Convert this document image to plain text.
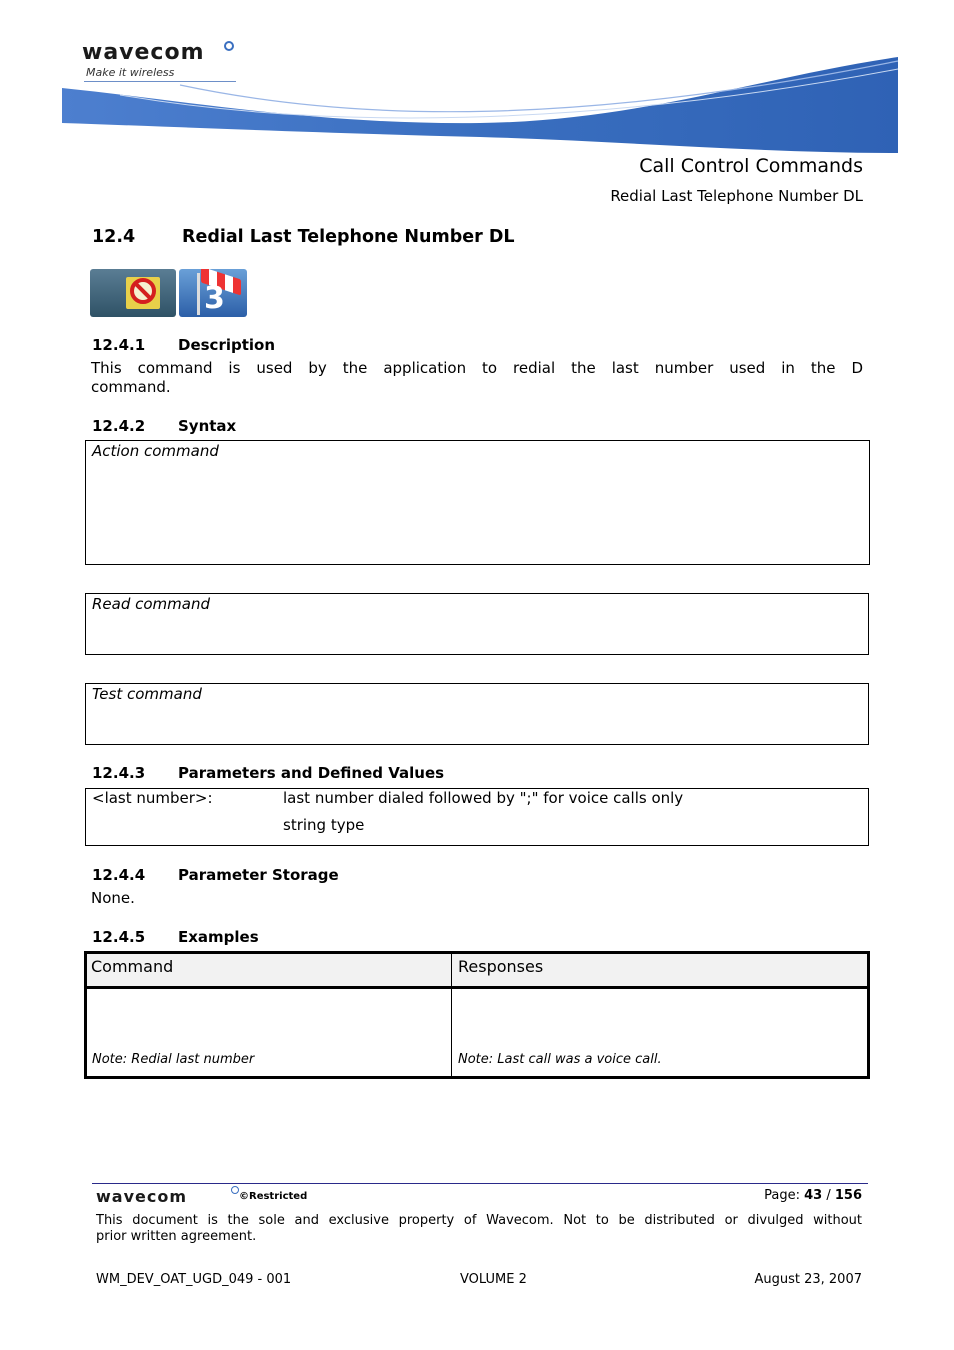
wavecom
Make it wireless
Call Control Commands
Redial Last Telephone Number DL
12.4	Redial Last Telephone Number DL
3
12.4.1 Description
This command is used by the application to redial the last number used in the D
command.
12.4.2 Syntax
Action command
Read command
Test command
12.4.3 Parameters and Defined Values
<last number>:	last number dialed followed by ";" for voice calls only
string type
12.4.4 Parameter Storage
None.
12.4.5 Examples
Command	Responses
Note: Redial last number	Note: Last call was a voice call.
wavecom	©Restricted	Page: 43 / 156
This document is the sole and exclusive property of Wavecom. Not to be distributed or divulged without
prior written agreement.
WM_DEV_OAT_UGD_049 - 001	VOLUME 2	August 23, 2007
